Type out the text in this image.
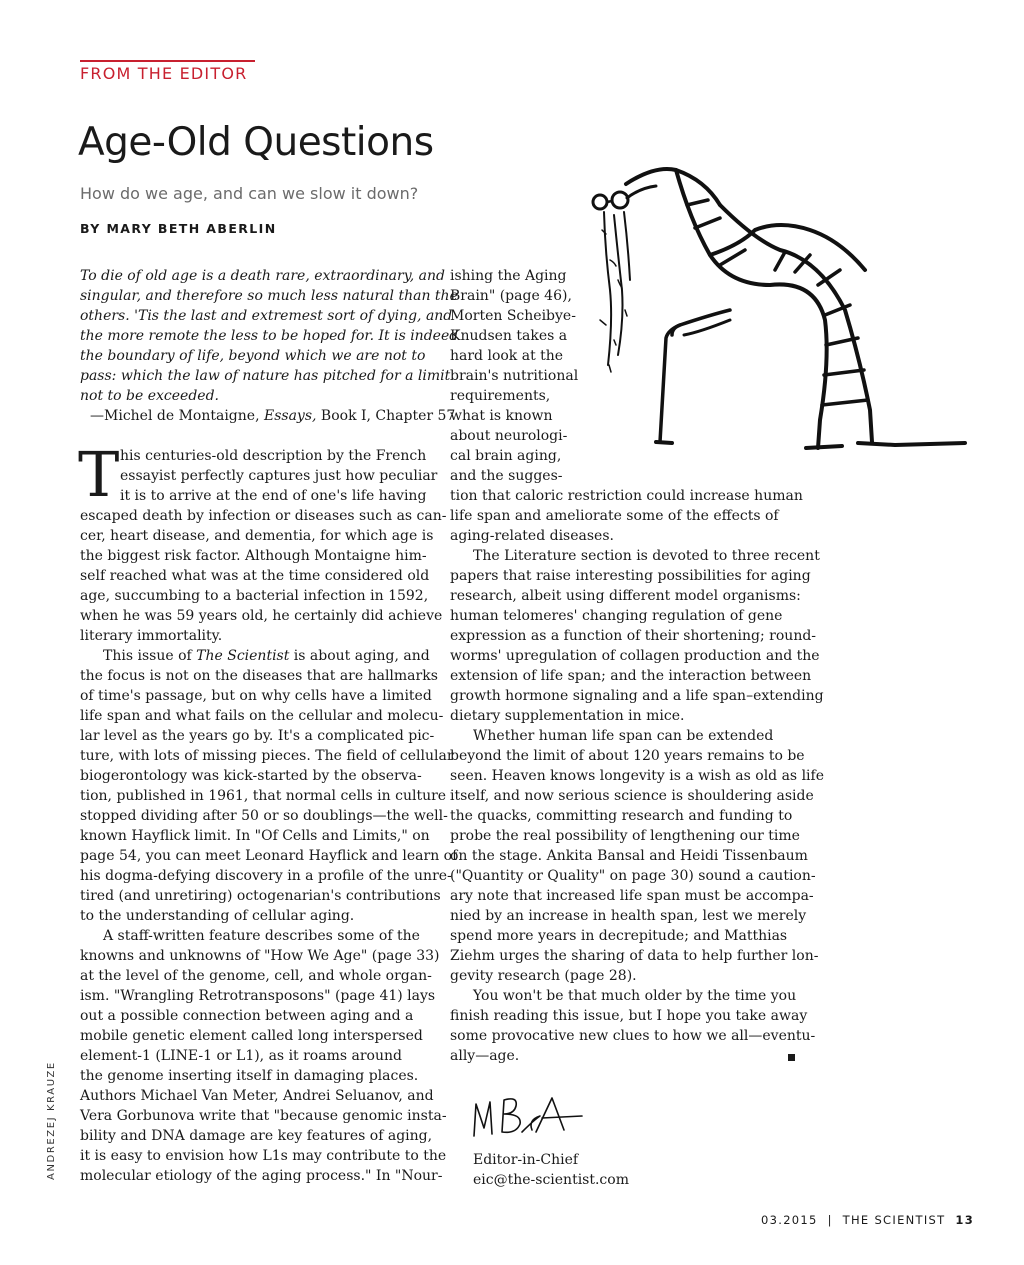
FROM THE EDITOR
Age-Old Questions
How do we age, and can we slow it down?
BY MARY BETH ABERLIN
To die of old age is a death rare, extraordinary, and
singular, and therefore so much less natural than the
others. 'Tis the last and extremest sort of dying, and
the more remote the less to be hoped for. It is indeed
the boundary of life, beyond which we are not to
pass: which the law of nature has pitched for a limit
not to be exceeded.
—Michel de Montaigne, Essays, Book I, Chapter 57
T his centuries-old description by the French
essayist perfectly captures just how peculiar
it is to arrive at the end of one's life having
escaped death by infection or diseases such as can-
cer, heart disease, and dementia, for which age is
the biggest risk factor. Although Montaigne him-
self reached what was at the time considered old
age, succumbing to a bacterial infection in 1592,
when he was 59 years old, he certainly did achieve
literary immortality.
This issue of The Scientist is about aging, and
the focus is not on the diseases that are hallmarks
of time's passage, but on why cells have a limited
life span and what fails on the cellular and molecu-
lar level as the years go by. It's a complicated pic-
ture, with lots of missing pieces. The field of cellular
biogerontology was kick-started by the observa-
tion, published in 1961, that normal cells in culture
stopped dividing after 50 or so doublings—the well-
known Hayflick limit. In "Of Cells and Limits," on
page 54, you can meet Leonard Hayflick and learn of
his dogma-defying discovery in a profile of the unre-
tired (and unretiring) octogenarian's contributions
to the understanding of cellular aging.
A staff-written feature describes some of the
knowns and unknowns of "How We Age" (page 33)
at the level of the genome, cell, and whole organ-
ism. "Wrangling Retrotransposons" (page 41) lays
out a possible connection between aging and a
mobile genetic element called long interspersed
element-1 (LINE-1 or L1), as it roams around
the genome inserting itself in damaging places.
Authors Michael Van Meter, Andrei Seluanov, and
Vera Gorbunova write that "because genomic insta-
bility and DNA damage are key features of aging,
it is easy to envision how L1s may contribute to the
molecular etiology of the aging process." In "Nour-
ishing the Aging
Brain" (page 46),
Morten Scheibye-
Knudsen takes a
hard look at the
brain's nutritional
requirements,
what is known
about neurologi-
cal brain aging,
and the sugges-
tion that caloric restriction could increase human
life span and ameliorate some of the effects of
aging-related diseases.
The Literature section is devoted to three recent
papers that raise interesting possibilities for aging
research, albeit using different model organisms:
human telomeres' changing regulation of gene
expression as a function of their shortening; round-
worms' upregulation of collagen production and the
extension of life span; and the interaction between
growth hormone signaling and a life span–extending
dietary supplementation in mice.
Whether human life span can be extended
beyond the limit of about 120 years remains to be
seen. Heaven knows longevity is a wish as old as life
itself, and now serious science is shouldering aside
the quacks, committing research and funding to
probe the real possibility of lengthening our time
on the stage. Ankita Bansal and Heidi Tissenbaum
("Quantity or Quality" on page 30) sound a caution-
ary note that increased life span must be accompa-
nied by an increase in health span, lest we merely
spend more years in decrepitude; and Matthias
Ziehm urges the sharing of data to help further lon-
gevity research (page 28).
You won't be that much older by the time you
finish reading this issue, but I hope you take away
some provocative new clues to how we all—eventu-
ally—age.
Editor-in-Chief
eic@the-scientist.com
ANDREZEJ KRAUZE
03.2015  |  THE SCIENTIST 13
